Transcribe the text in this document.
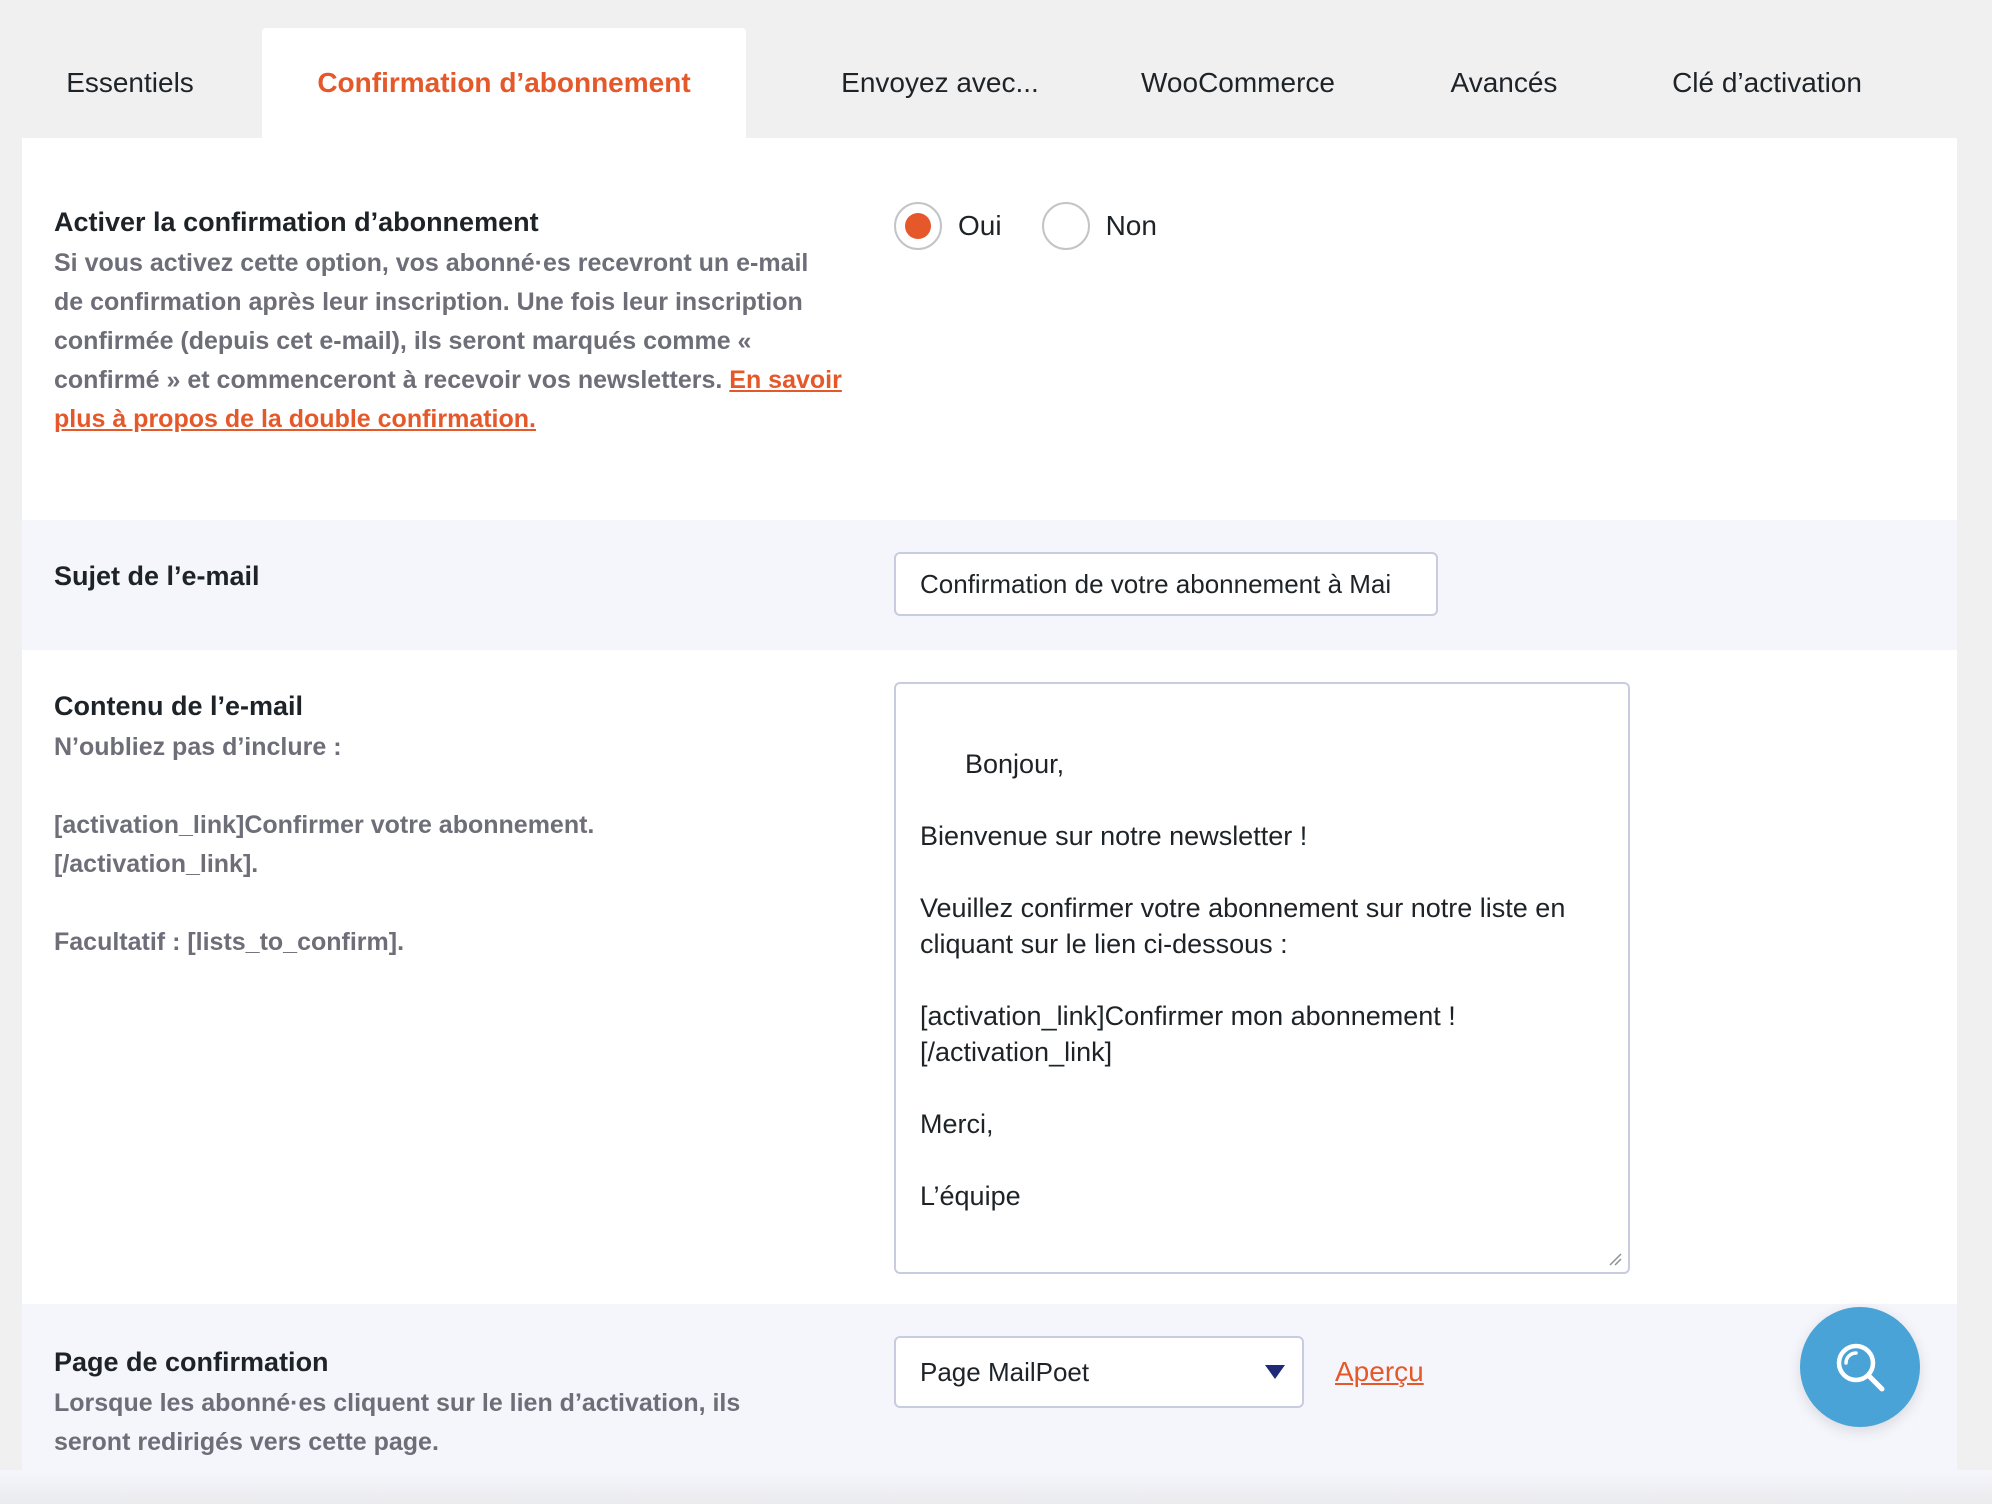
Essentiels	Confirmation d’abonnement	Envoyez avec...	WooCommerce	Avancés	Clé d’activation
Activer la confirmation d’abonnement
Si vous activez cette option, vos abonné·es recevront un e-mail de confirmation après leur inscription. Une fois leur inscription confirmée (depuis cet e-mail), ils seront marqués comme « confirmé » et commenceront à recevoir vos newsletters. En savoir plus à propos de la double confirmation.
Oui	Non
Sujet de l’e-mail	Confirmation de votre abonnement à Mai
Contenu de l’e-mail

N’oubliez pas d’inclure :

[activation_link]Confirmer votre abonnement. [/activation_link].

Facultatif : [lists_to_confirm].

Bonjour,

Bienvenue sur notre newsletter !

Veuillez confirmer votre abonnement sur notre liste en cliquant sur le lien ci-dessous :

[activation_link]Confirmer mon abonnement ! [/activation_link]

Merci,

L’équipe

Page de confirmation
Lorsque les abonné·es cliquent sur le lien d’activation, ils seront redirigés vers cette page.
Page MailPoet	Aperçu
